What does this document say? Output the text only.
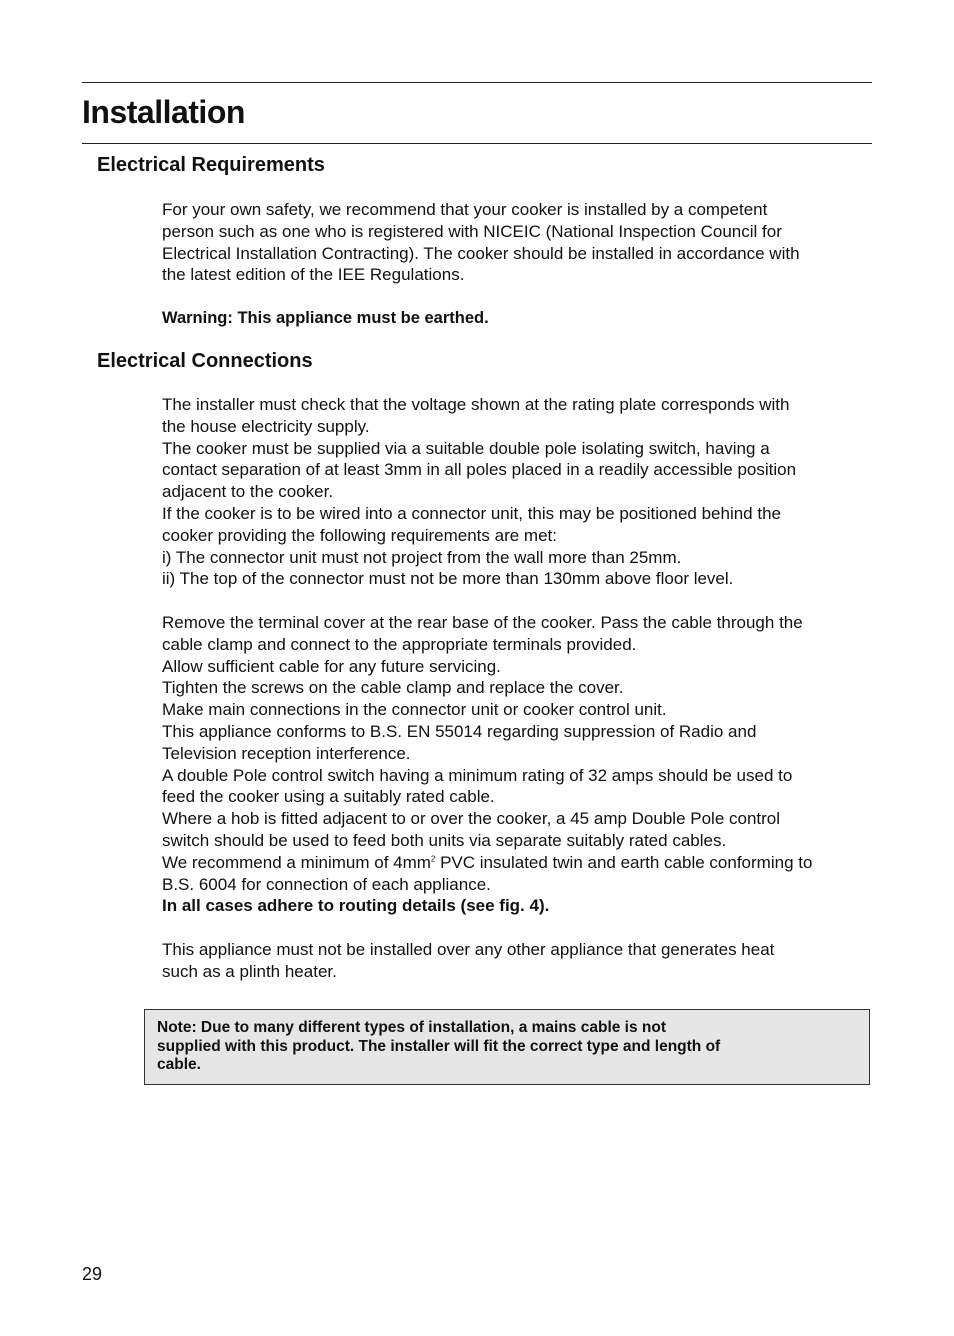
Installation
Electrical Requirements

For your own safety, we recommend that your cooker is installed by a competent

person such as one who is registered with NICEIC (National Inspection Council for

Electrical Installation Contracting). The cooker should be installed in accordance with

the latest edition of the IEE Regulations.

Warning: This appliance must be earthed.

Electrical Connections

The installer must check that the voltage shown at the rating plate corresponds with

the house electricity supply.

The cooker must be supplied via a suitable double pole isolating switch, having a

contact separation of at least 3mm in all poles placed in a readily accessible position

adjacent to the cooker.

If the cooker is to be wired into a connector unit, this may be positioned behind the

cooker providing the following requirements are met:

i) The connector unit must not project from the wall more than 25mm.

ii) The top of the connector must not be more than 130mm above floor level.

Remove the terminal cover at the rear base of the cooker. Pass the cable through the

cable clamp and connect to the appropriate terminals provided.

Allow sufficient cable for any future servicing.

Tighten the screws on the cable clamp and replace the cover.

Make main connections in the connector unit or cooker control unit.

This appliance conforms to B.S. EN 55014 regarding suppression of Radio and

Television reception interference.

A double Pole control switch having a minimum rating of 32 amps should be used to

feed the cooker using a suitably rated cable.

Where a hob is fitted adjacent to or over the cooker, a 45 amp Double Pole control

switch should be used to feed both units via separate suitably rated cables.

We recommend a minimum of $4mm^2$ PVC insulated twin and earth cable conforming to

B.S. 6004 for connection of each appliance.

In all cases adhere to routing details (see fig. 4).

This appliance must not be installed over any other appliance that generates heat

such as a plinth heater.

Note: Due to many different types of installation, a mains cable is not

supplied with this product. The installer will fit the correct type and length of

cable.

29
